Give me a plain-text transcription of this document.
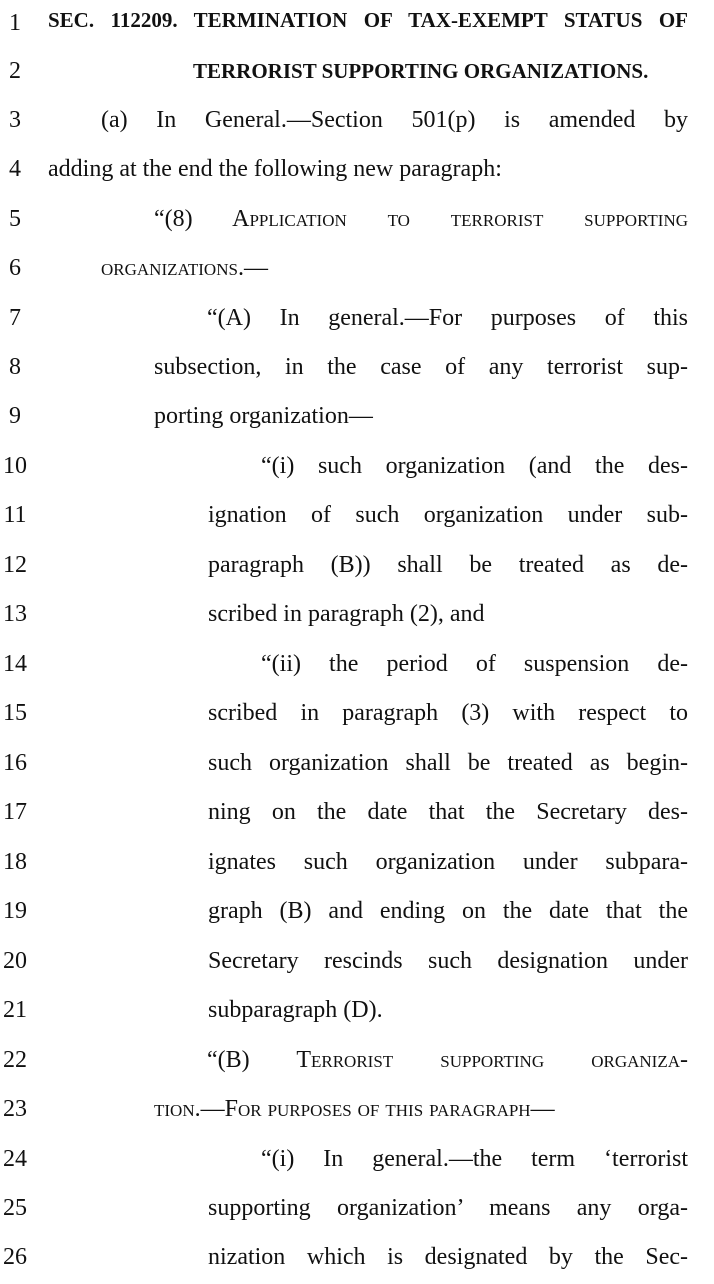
1	SEC. 112209. TERMINATION OF TAX-EXEMPT STATUS OF
2	TERRORIST SUPPORTING ORGANIZATIONS.
3	(a) In General.—Section 501(p) is amended by
4	adding at the end the following new paragraph:
5	“(8) Application to terrorist supporting
6	organizations.—
7	“(A) In general.—For purposes of this
8	subsection, in the case of any terrorist sup-
9	porting organization—
10	“(i) such organization (and the des-
11	ignation of such organization under sub-
12	paragraph (B)) shall be treated as de-
13	scribed in paragraph (2), and
14	“(ii) the period of suspension de-
15	scribed in paragraph (3) with respect to
16	such organization shall be treated as begin-
17	ning on the date that the Secretary des-
18	ignates such organization under subpara-
19	graph (B) and ending on the date that the
20	Secretary rescinds such designation under
21	subparagraph (D).
22	“(B) Terrorist supporting organiza-
23	tion.—For purposes of this paragraph—
24	“(i) In general.—the term ‘terrorist
25	supporting organization’ means any orga-
26	nization which is designated by the Sec-
